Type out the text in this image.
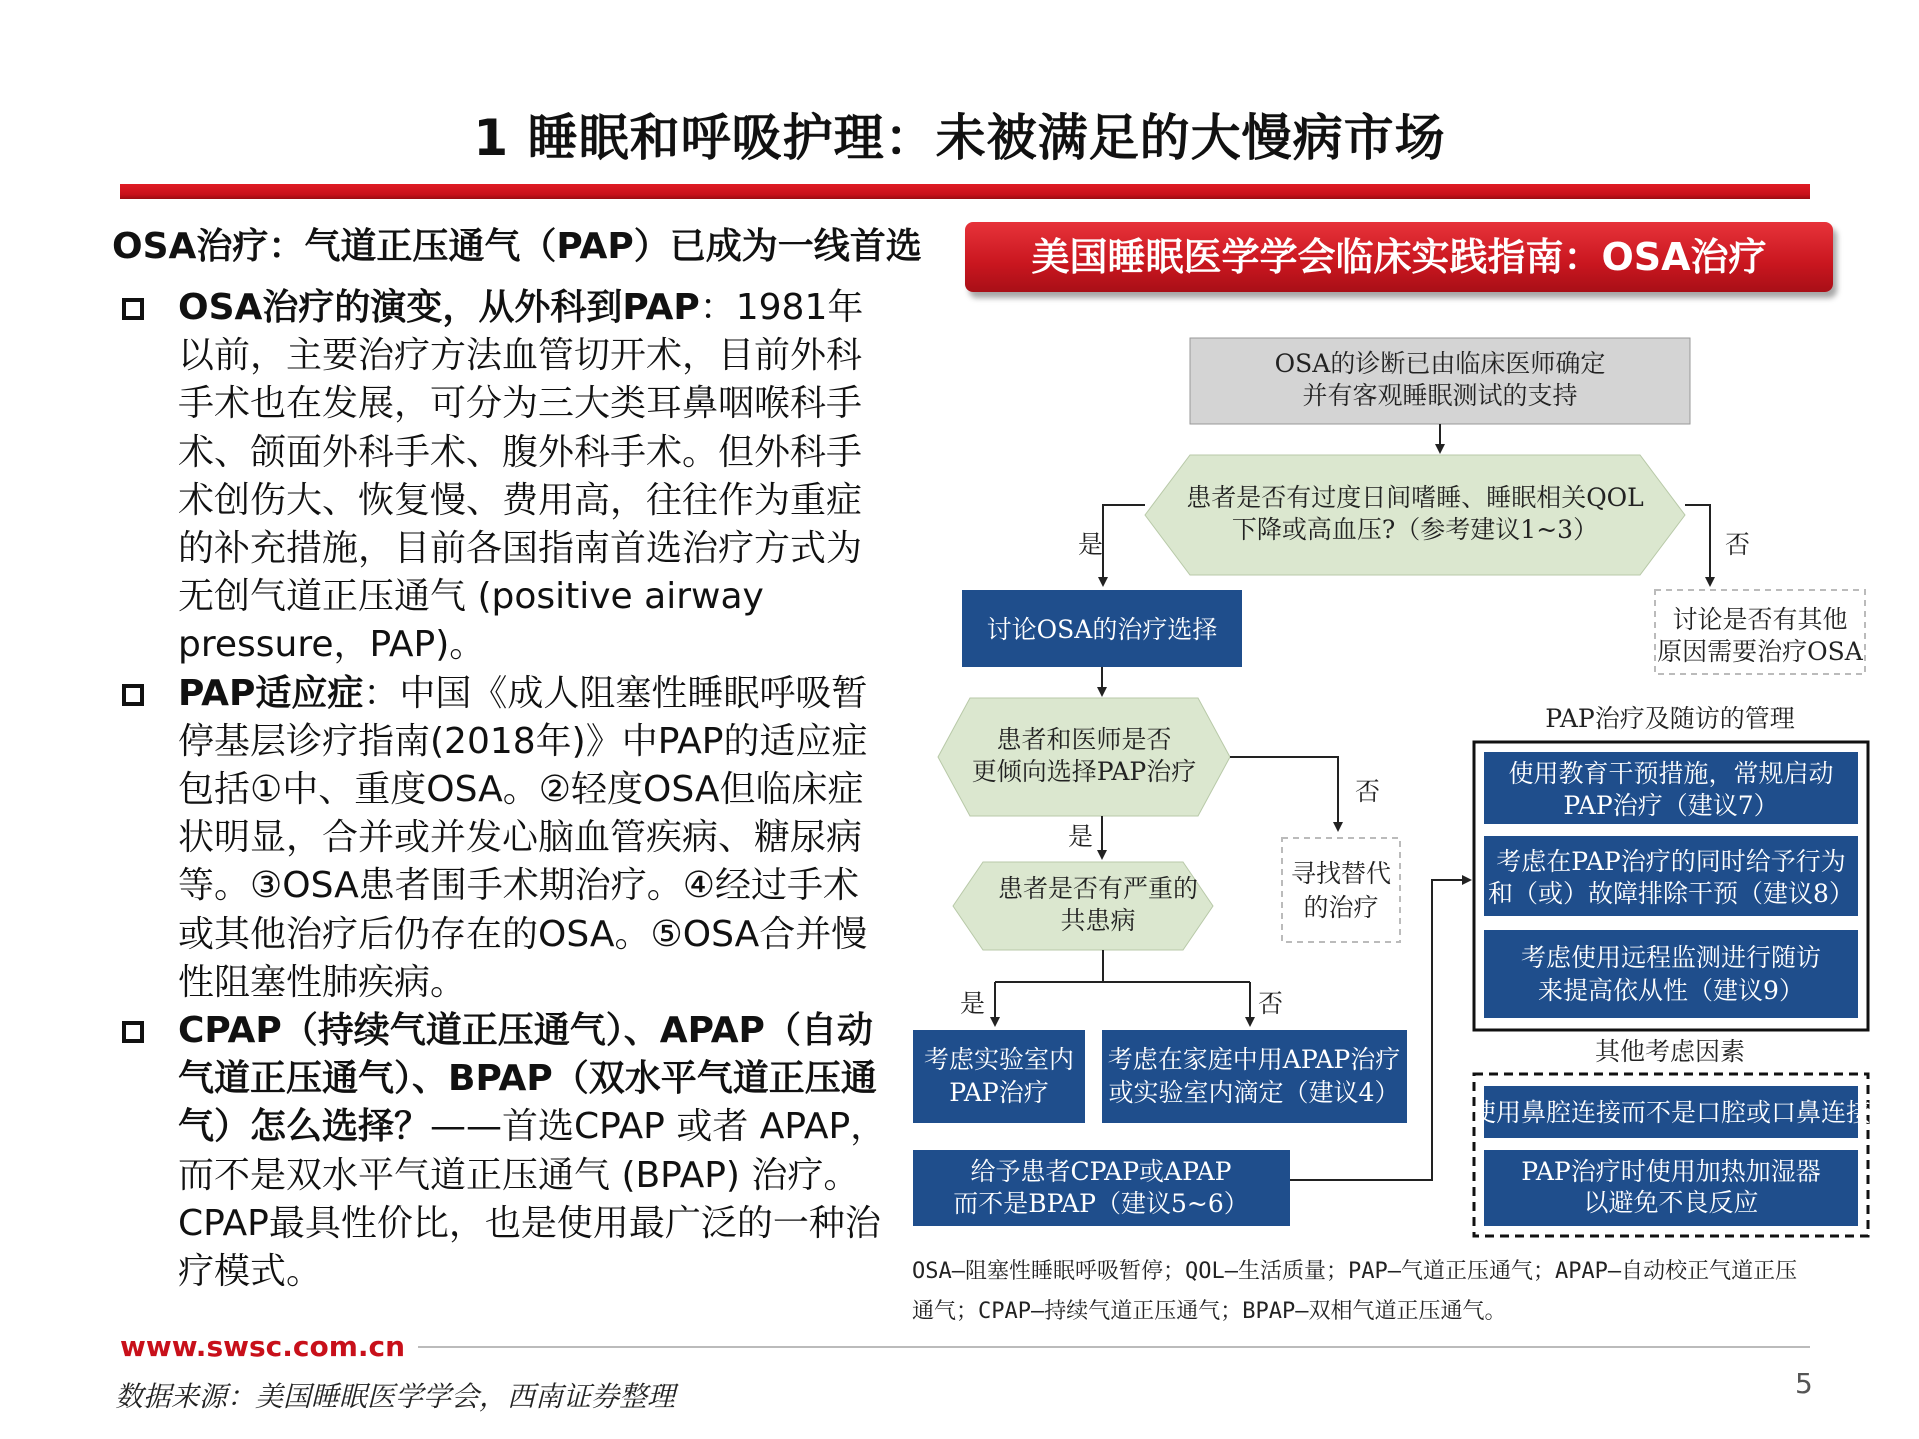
1 睡眠和呼吸护理：未被满足的大慢病市场
OSA治疗：气道正压通气（PAP）已成为一线首选
OSA治疗的演变，从外科到PAP：1981年以前，主要治疗方法血管切开术，目前外科手术也在发展，可分为三大类耳鼻咽喉科手术、颌面外科手术、腹外科手术。但外科手术创伤大、恢复慢、费用高，往往作为重症的补充措施，目前各国指南首选治疗方式为无创气道正压通气 (positive airway pressure，PAP)。
PAP适应症：中国《成人阻塞性睡眠呼吸暂停基层诊疗指南(2018年)》中PAP的适应症包括①中、重度OSA。②轻度OSA但临床症状明显，合并或并发心脑血管疾病、糖尿病等。③OSA患者围手术期治疗。④经过手术或其他治疗后仍存在的OSA。⑤OSA合并慢性阻塞性肺疾病。
CPAP（持续气道正压通气）、APAP（自动气道正压通气）、BPAP（双水平气道正压通气）怎么选择？——首选CPAP 或者 APAP，而不是双水平气道正压通气 (BPAP) 治疗。CPAP最具性价比，也是使用最广泛的一种治疗模式。
美国睡眠医学学会临床实践指南：OSA治疗
OSA的诊断已由临床医师确定
并有客观睡眠测试的支持
患者是否有过度日间嗜睡、睡眠相关QOL
下降或高血压?（参考建议1~3）
是	否
讨论OSA的治疗选择	讨论是否有其他
原因需要治疗OSA
患者和医师是否
更倾向选择PAP治疗
否
寻找替代
的治疗
是
患者是否有严重的
共患病
是	否
考虑实验室内
PAP治疗
考虑在家庭中用APAP治疗
或实验室内滴定（建议4）
给予患者CPAP或APAP
而不是BPAP（建议5~6）
PAP治疗及随访的管理
使用教育干预措施，常规启动
PAP治疗（建议7）
考虑在PAP治疗的同时给予行为
和（或）故障排除干预（建议8）
考虑使用远程监测进行随访
来提高依从性（建议9）
其他考虑因素
使用鼻腔连接而不是口腔或口鼻连接
PAP治疗时使用加热加湿器
以避免不良反应
OSA—阻塞性睡眠呼吸暂停；QOL—生活质量；PAP—气道正压通气；APAP—自动校正气道正压
通气；CPAP—持续气道正压通气；BPAP—双相气道正压通气。
www.swsc.com.cn
数据来源：美国睡眠医学学会，西南证券整理	5
